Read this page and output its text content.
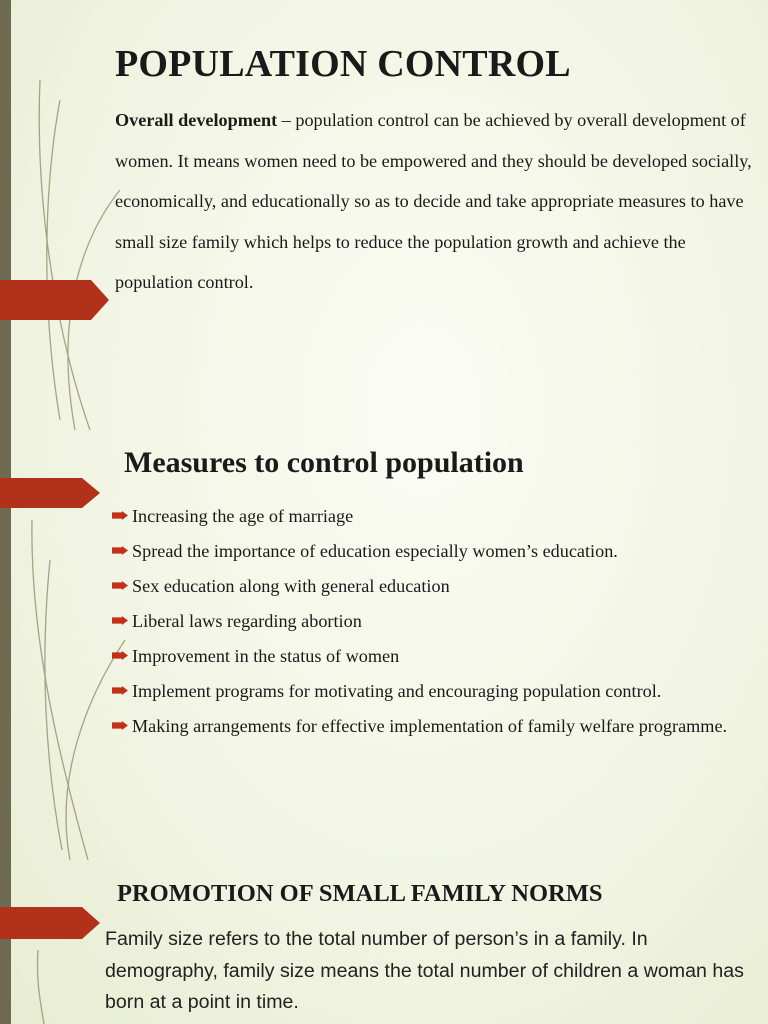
POPULATION CONTROL

Overall development – population control can be achieved by overall development of women. It means women need to be empowered and they should be developed socially, economically, and educationally so as to decide and take appropriate measures to have small size family which helps to reduce the population growth and achieve the population control.

Measures to control population
Increasing the age of marriage
Spread the importance of education especially women’s education.
Sex education along with general education
Liberal laws regarding abortion
Improvement in the status of women
Implement programs for motivating and encouraging population control.
Making arrangements for effective implementation of family welfare programme.
PROMOTION OF SMALL FAMILY NORMS

Family size refers to the total number of person’s in a family. In demography, family size means the total number of children a woman has born at a point in time.
